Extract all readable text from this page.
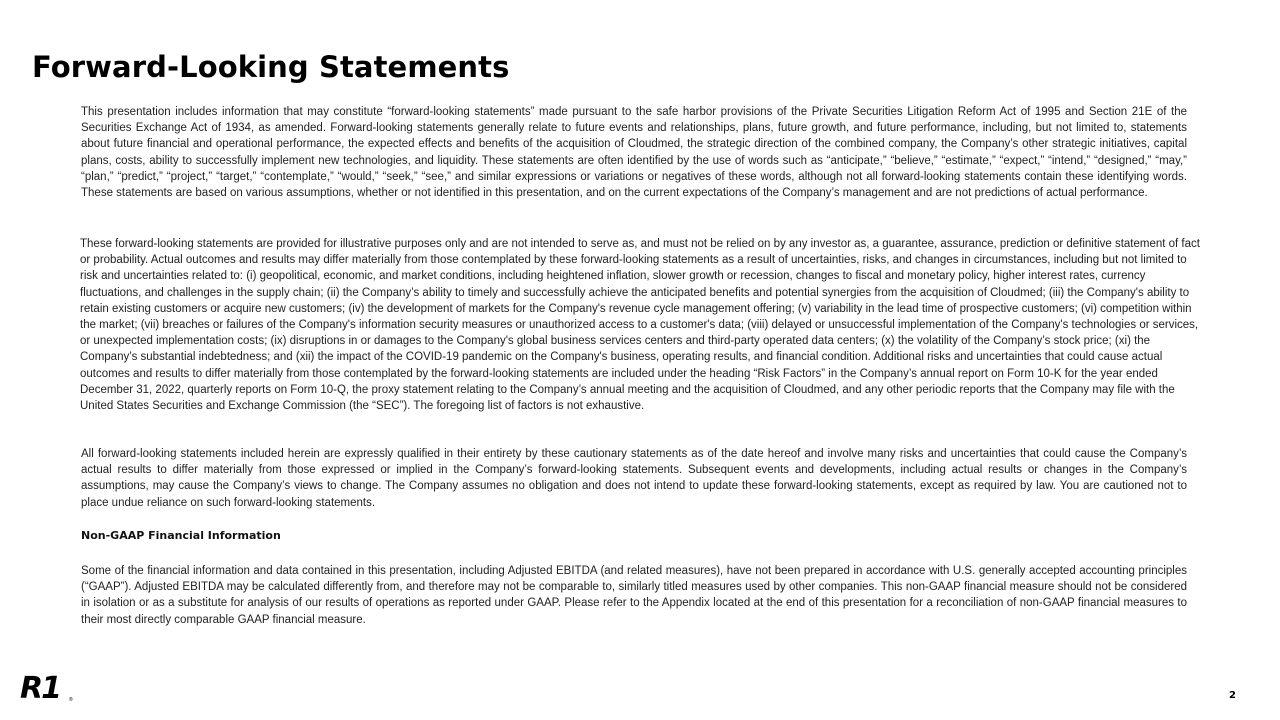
Forward-Looking Statements

This presentation includes information that may constitute “forward-looking statements” made pursuant to the safe harbor provisions of the Private Securities Litigation Reform Act of 1995 and Section 21E of the Securities Exchange Act of 1934, as amended. Forward-looking statements generally relate to future events and relationships, plans, future growth, and future performance, including, but not limited to, statements about future financial and operational performance, the expected effects and benefits of the acquisition of Cloudmed, the strategic direction of the combined company, the Company’s other strategic initiatives, capital plans, costs, ability to successfully implement new technologies, and liquidity. These statements are often identified by the use of words such as “anticipate,” “believe,” “estimate,” “expect,” “intend,” “designed,” “may,” “plan,” “predict,” “project,” “target,” “contemplate,” “would,” “seek,” “see,” and similar expressions or variations or negatives of these words, although not all forward-looking statements contain these identifying words. These statements are based on various assumptions, whether or not identified in this presentation, and on the current expectations of the Company’s management and are not predictions of actual performance.

These forward-looking statements are provided for illustrative purposes only and are not intended to serve as, and must not be relied on by any investor as, a guarantee, assurance, prediction or definitive statement of fact or probability. Actual outcomes and results may differ materially from those contemplated by these forward-looking statements as a result of uncertainties, risks, and changes in circumstances, including but not limited to risk and uncertainties related to: (i) geopolitical, economic, and market conditions, including heightened inflation, slower growth or recession, changes to fiscal and monetary policy, higher interest rates, currency fluctuations, and challenges in the supply chain; (ii) the Company’s ability to timely and successfully achieve the anticipated benefits and potential synergies from the acquisition of Cloudmed; (iii) the Company's ability to retain existing customers or acquire new customers; (iv) the development of markets for the Company's revenue cycle management offering; (v) variability in the lead time of prospective customers; (vi) competition within the market; (vii) breaches or failures of the Company's information security measures or unauthorized access to a customer's data; (viii) delayed or unsuccessful implementation of the Company's technologies or services, or unexpected implementation costs; (ix) disruptions in or damages to the Company's global business services centers and third-party operated data centers; (x) the volatility of the Company’s stock price; (xi) the Company’s substantial indebtedness; and (xii) the impact of the COVID-19 pandemic on the Company's business, operating results, and financial condition. Additional risks and uncertainties that could cause actual outcomes and results to differ materially from those contemplated by the forward-looking statements are included under the heading “Risk Factors” in the Company’s annual report on Form 10-K for the year ended December 31, 2022, quarterly reports on Form 10-Q, the proxy statement relating to the Company’s annual meeting and the acquisition of Cloudmed, and any other periodic reports that the Company may file with the United States Securities and Exchange Commission (the “SEC”). The foregoing list of factors is not exhaustive.

All forward-looking statements included herein are expressly qualified in their entirety by these cautionary statements as of the date hereof and involve many risks and uncertainties that could cause the Company’s actual results to differ materially from those expressed or implied in the Company’s forward-looking statements. Subsequent events and developments, including actual results or changes in the Company’s assumptions, may cause the Company’s views to change. The Company assumes no obligation and does not intend to update these forward-looking statements, except as required by law. You are cautioned not to place undue reliance on such forward-looking statements.

Non-GAAP Financial Information

Some of the financial information and data contained in this presentation, including Adjusted EBITDA (and related measures), have not been prepared in accordance with U.S. generally accepted accounting principles (“GAAP”). Adjusted EBITDA may be calculated differently from, and therefore may not be comparable to, similarly titled measures used by other companies. This non-GAAP financial measure should not be considered in isolation or as a substitute for analysis of our results of operations as reported under GAAP. Please refer to the Appendix located at the end of this presentation for a reconciliation of non-GAAP financial measures to their most directly comparable GAAP financial measure.

R1 ®	2
